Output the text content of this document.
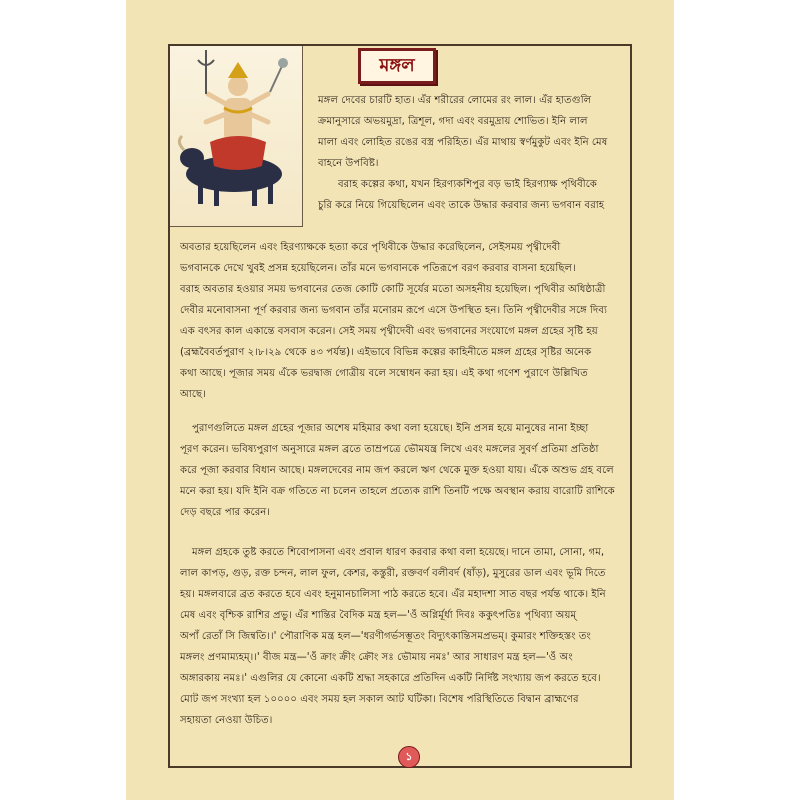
মঙ্গল
মঙ্গল দেবের চারটি হাত। এঁর শরীরের লোমের রং লাল। এঁর হাতগুলি
ক্রমানুসারে অভয়মুদ্রা, ত্রিশূল, গদা এবং বরমুদ্রায় শোভিত। ইনি লাল
মালা এবং লোহিত রঙের বস্ত্র পরিহিত। এঁর মাথায় স্বর্ণমুকুট এবং ইনি মেষ
বাহনে উপবিষ্ট।
বরাহ কল্পের কথা, যখন হিরণ্যকশিপুর বড় ভাই হিরণ্যাক্ষ পৃথিবীকে
চুরি করে নিয়ে গিয়েছিলেন এবং তাকে উদ্ধার করবার জন্য ভগবান বরাহ
অবতার হয়েছিলেন এবং হিরণ্যাক্ষকে হত্যা করে পৃথিবীকে উদ্ধার করেছিলেন, সেইসময় পৃথ্বীদেবী
ভগবানকে দেখে খুবই প্রসন্ন হয়েছিলেন। তাঁর মনে ভগবানকে পতিরূপে বরণ করবার বাসনা হয়েছিল।
বরাহ অবতার হওয়ার সময় ভগবানের তেজ কোটি কোটি সূর্যের মতো অসহনীয় হয়েছিল। পৃথিবীর অধিষ্ঠাত্রী
দেবীর মনোবাসনা পূর্ণ করবার জন্য ভগবান তাঁর মনোরম রূপে এসে উপস্থিত হন। তিনি পৃথ্বীদেবীর সঙ্গে দিব্য
এক বৎসর কাল একান্তে বসবাস করেন। সেই সময় পৃথ্বীদেবী এবং ভগবানের সংযোগে মঙ্গল গ্রহের সৃষ্টি হয়
(ব্রহ্মবৈবর্তপুরাণ ২।৮।২৯ থেকে ৪৩ পর্যন্ত)। এইভাবে বিভিন্ন কল্পের কাহিনীতে মঙ্গল গ্রহের সৃষ্টির অনেক
কথা আছে। পূজার সময় এঁকে ভরদ্বাজ গোত্রীয় বলে সম্বোধন করা হয়। এই কথা গণেশ পুরাণে উল্লিখিত
আছে।
পুরাণগুলিতে মঙ্গল গ্রহের পূজার অশেষ মহিমার কথা বলা হয়েছে। ইনি প্রসন্ন হয়ে মানুষের নানা ইচ্ছা
পূরণ করেন। ভবিষ্যপুরাণ অনুসারে মঙ্গল ব্রতে তাম্রপত্রে ভৌমযন্ত্র লিখে এবং মঙ্গলের সুবর্ণ প্রতিমা প্রতিষ্ঠা
করে পূজা করবার বিধান আছে। মঙ্গলদেবের নাম জপ করলে ঋণ থেকে মুক্ত হওয়া যায়। এঁকে অশুভ গ্রহ বলে
মনে করা হয়। যদি ইনি বক্র গতিতে না চলেন তাহলে প্রত্যেক রাশি তিনটি পক্ষে অবস্থান করায় বারোটি রাশিকে
দেড় বছরে পার করেন।
মঙ্গল গ্রহকে তুষ্ট করতে শিবোপাসনা এবং প্রবাল ধারণ করবার কথা বলা হয়েছে। দানে তামা, সোনা, গম,
লাল কাপড়, গুড়, রক্ত চন্দন, লাল ফুল, কেশর, কস্তুরী, রক্তবর্ণ বলীবর্দ (ষাঁড়), মুসুরের ডাল এবং ভূমি দিতে
হয়। মঙ্গলবারে ব্রত করতে হবে এবং হনুমানচালিসা পাঠ করতে হবে। এঁর মহাদশা সাত বছর পর্যন্ত থাকে। ইনি
মেষ এবং বৃশ্চিক রাশির প্রভু। এঁর শান্তির বৈদিক মন্ত্র হল—'ওঁ অগ্নির্মূর্ধা দিবঃ ককুৎপতিঃ পৃথিব্যা অয়ম্
অপাঁ রেতাঁ সি জিন্বতি।।' পৌরাণিক মন্ত্র হল—'ধরণীগর্ভসম্ভূতং বিদ্যুৎকান্তিসমপ্রভম্। কুমারং শক্তিহস্তং তং
মঙ্গলং প্রণমাম্যহম্।।' বীজ মন্ত্র—'ওঁ ক্রাং ক্রীং ক্রৌং সঃ ভৌমায় নমঃ' আর সাধারণ মন্ত্র হল—'ওঁ অং
অঙ্গারকায় নমঃ।' এগুলির যে কোনো একটি শ্রদ্ধা সহকারে প্রতিদিন একটি নির্দিষ্ট সংখ্যায় জপ করতে হবে।
মোট জপ সংখ্যা হল ১০০০০ এবং সময় হল সকাল আট ঘটিকা। বিশেষ পরিস্থিতিতে বিদ্বান ব্রাহ্মণের
সহায়তা নেওয়া উচিত।
১
